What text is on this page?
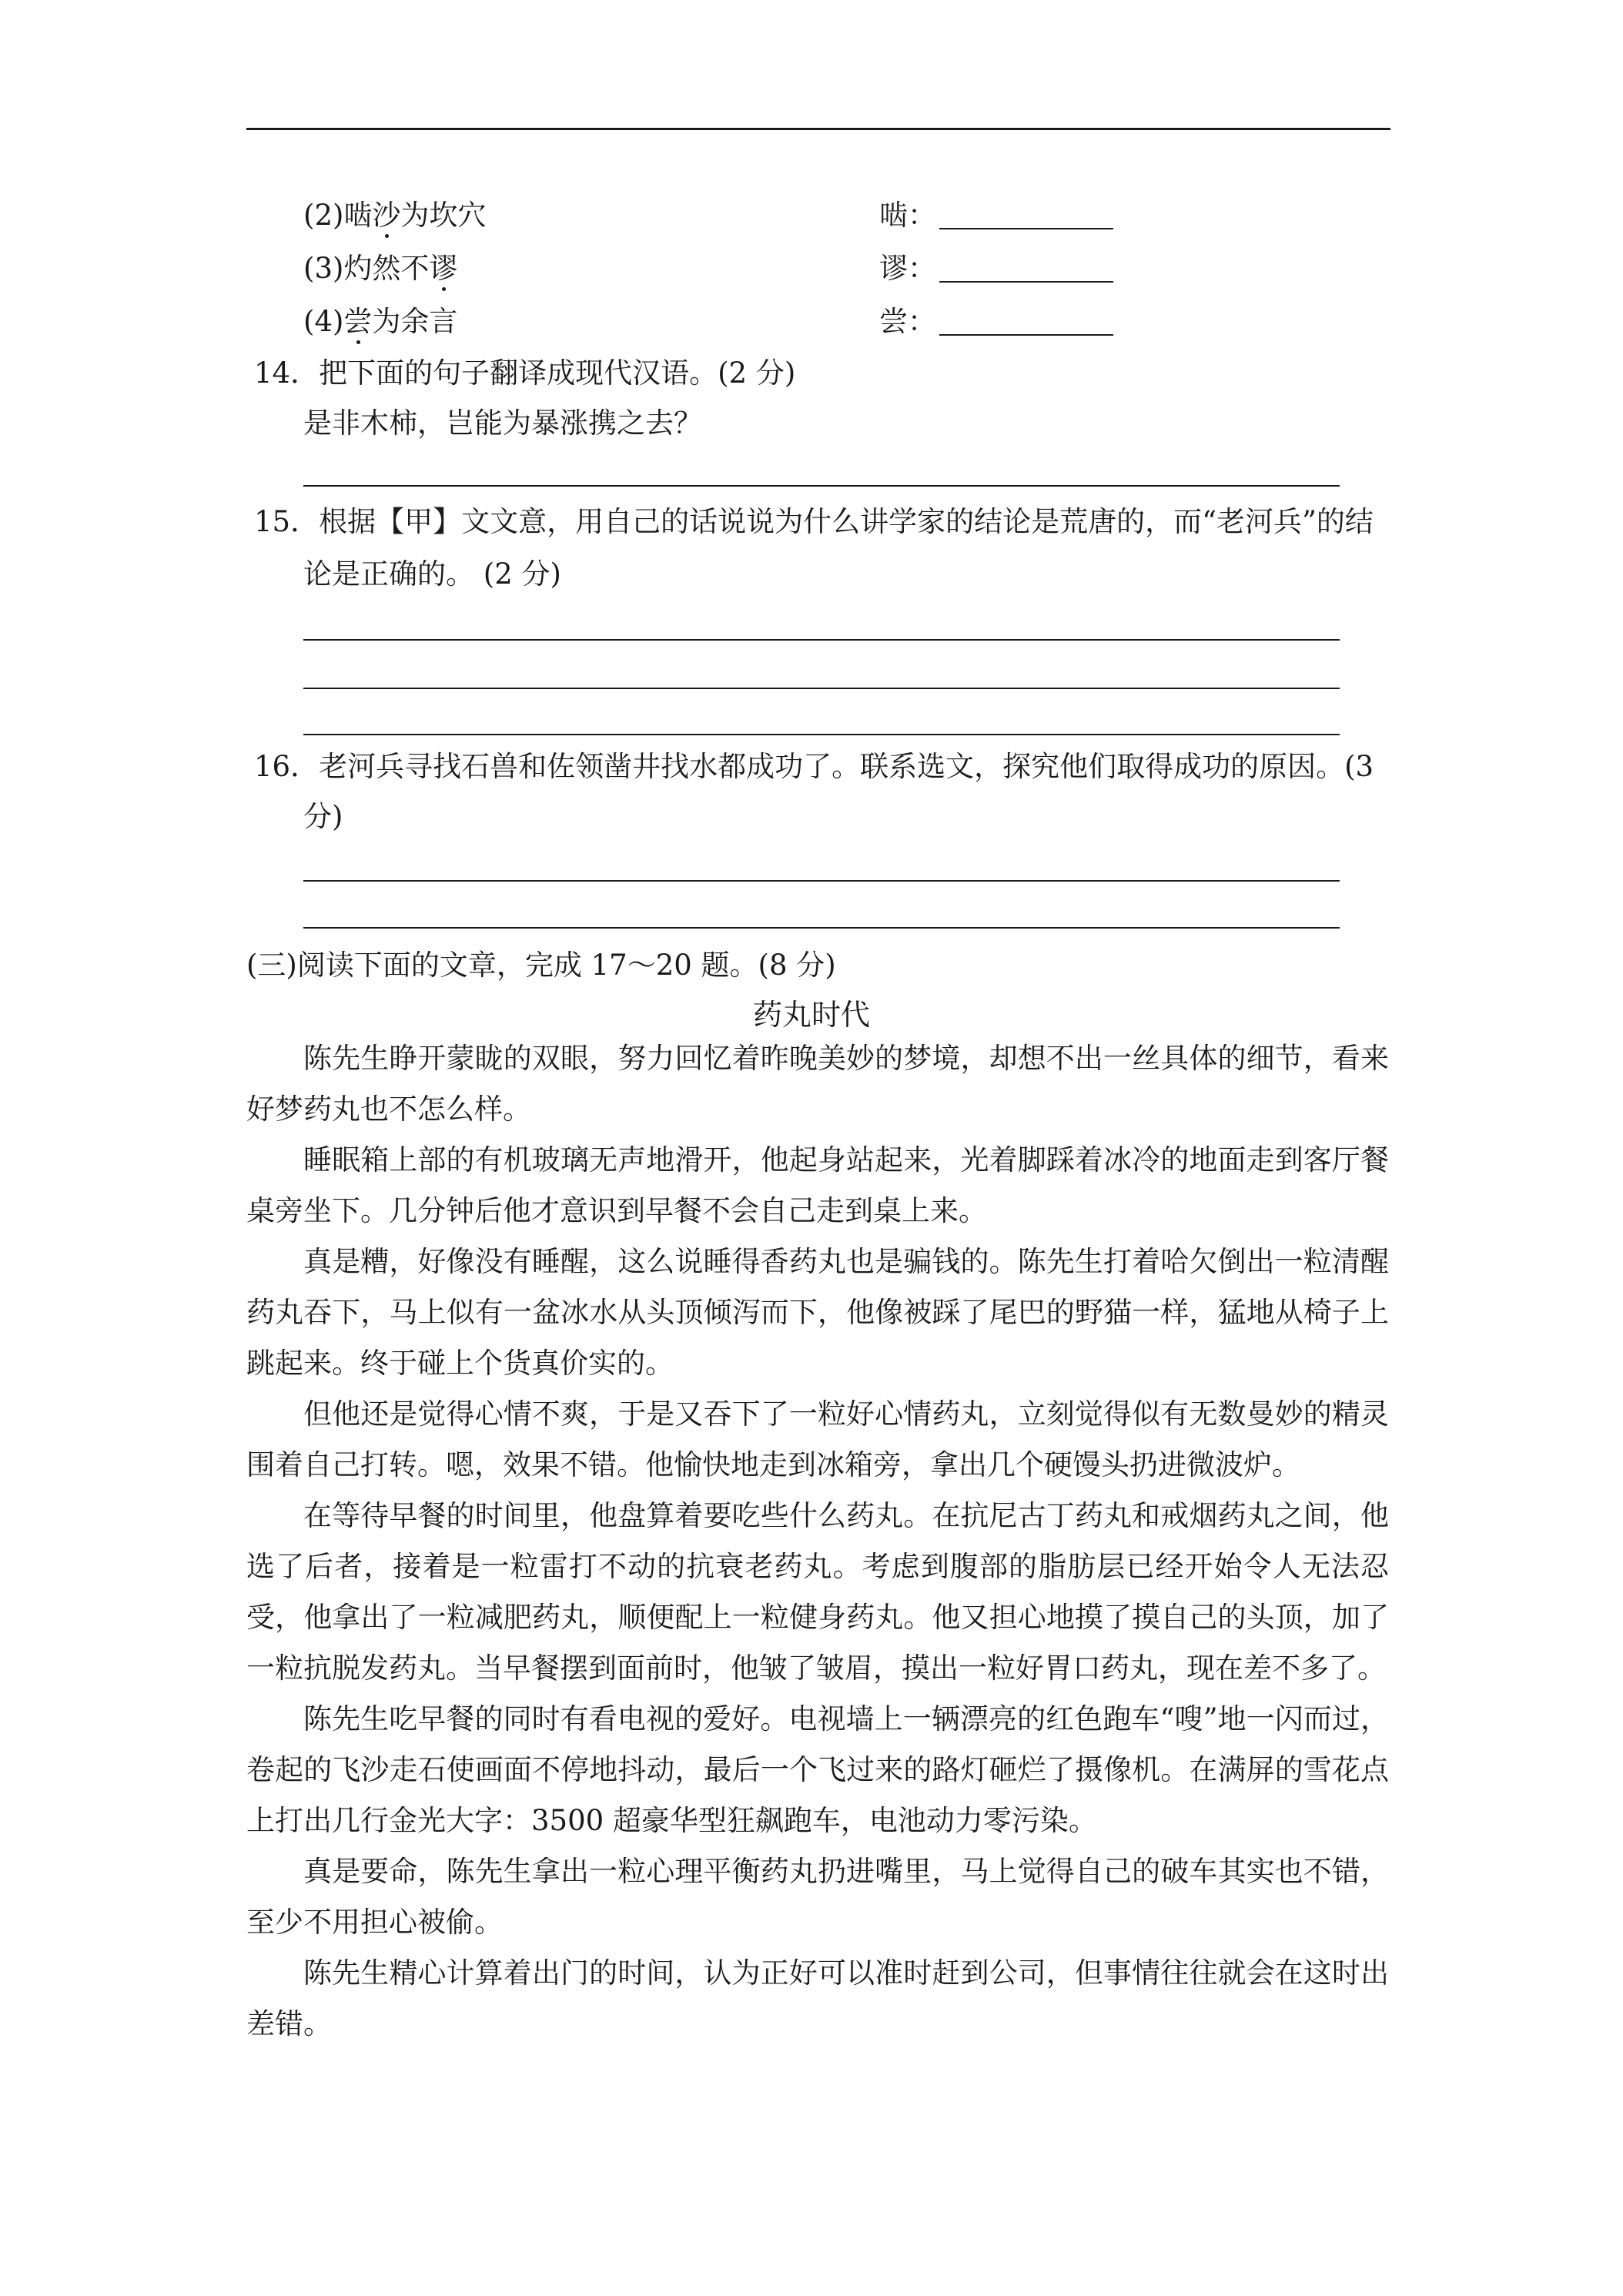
(2)啮沙为坎穴	啮：
(3)灼然不谬	谬：
(4)尝为余言	尝：
14．把下面的句子翻译成现代汉语。(2 分)
是非木柿，岂能为暴涨携之去？
15．根据【甲】文文意，用自己的话说说为什么讲学家的结论是荒唐的，而“老河兵”的结
论是正确的。 (2 分)
16．老河兵寻找石兽和佐领凿井找水都成功了。联系选文，探究他们取得成功的原因。(3
分)
(三)阅读下面的文章，完成 17～20 题。(8 分)
药丸时代

陈先生睁开蒙眬的双眼，努力回忆着昨晚美妙的梦境，却想不出一丝具体的细节，看来好梦药丸也不怎么样。

睡眠箱上部的有机玻璃无声地滑开，他起身站起来，光着脚踩着冰冷的地面走到客厅餐桌旁坐下。几分钟后他才意识到早餐不会自己走到桌上来。

真是糟，好像没有睡醒，这么说睡得香药丸也是骗钱的。陈先生打着哈欠倒出一粒清醒药丸吞下，马上似有一盆冰水从头顶倾泻而下，他像被踩了尾巴的野猫一样，猛地从椅子上跳起来。终于碰上个货真价实的。

但他还是觉得心情不爽，于是又吞下了一粒好心情药丸，立刻觉得似有无数曼妙的精灵围着自己打转。嗯，效果不错。他愉快地走到冰箱旁，拿出几个硬馒头扔进微波炉。

在等待早餐的时间里，他盘算着要吃些什么药丸。在抗尼古丁药丸和戒烟药丸之间，他选了后者，接着是一粒雷打不动的抗衰老药丸。考虑到腹部的脂肪层已经开始令人无法忍受，他拿出了一粒减肥药丸，顺便配上一粒健身药丸。他又担心地摸了摸自己的头顶，加了一粒抗脱发药丸。当早餐摆到面前时，他皱了皱眉，摸出一粒好胃口药丸，现在差不多了。

陈先生吃早餐的同时有看电视的爱好。电视墙上一辆漂亮的红色跑车“嗖”地一闪而过，卷起的飞沙走石使画面不停地抖动，最后一个飞过来的路灯砸烂了摄像机。在满屏的雪花点上打出几行金光大字：3500 超豪华型狂飙跑车，电池动力零污染。

真是要命，陈先生拿出一粒心理平衡药丸扔进嘴里，马上觉得自己的破车其实也不错，至少不用担心被偷。

陈先生精心计算着出门的时间，认为正好可以准时赶到公司，但事情往往就会在这时出差错。
